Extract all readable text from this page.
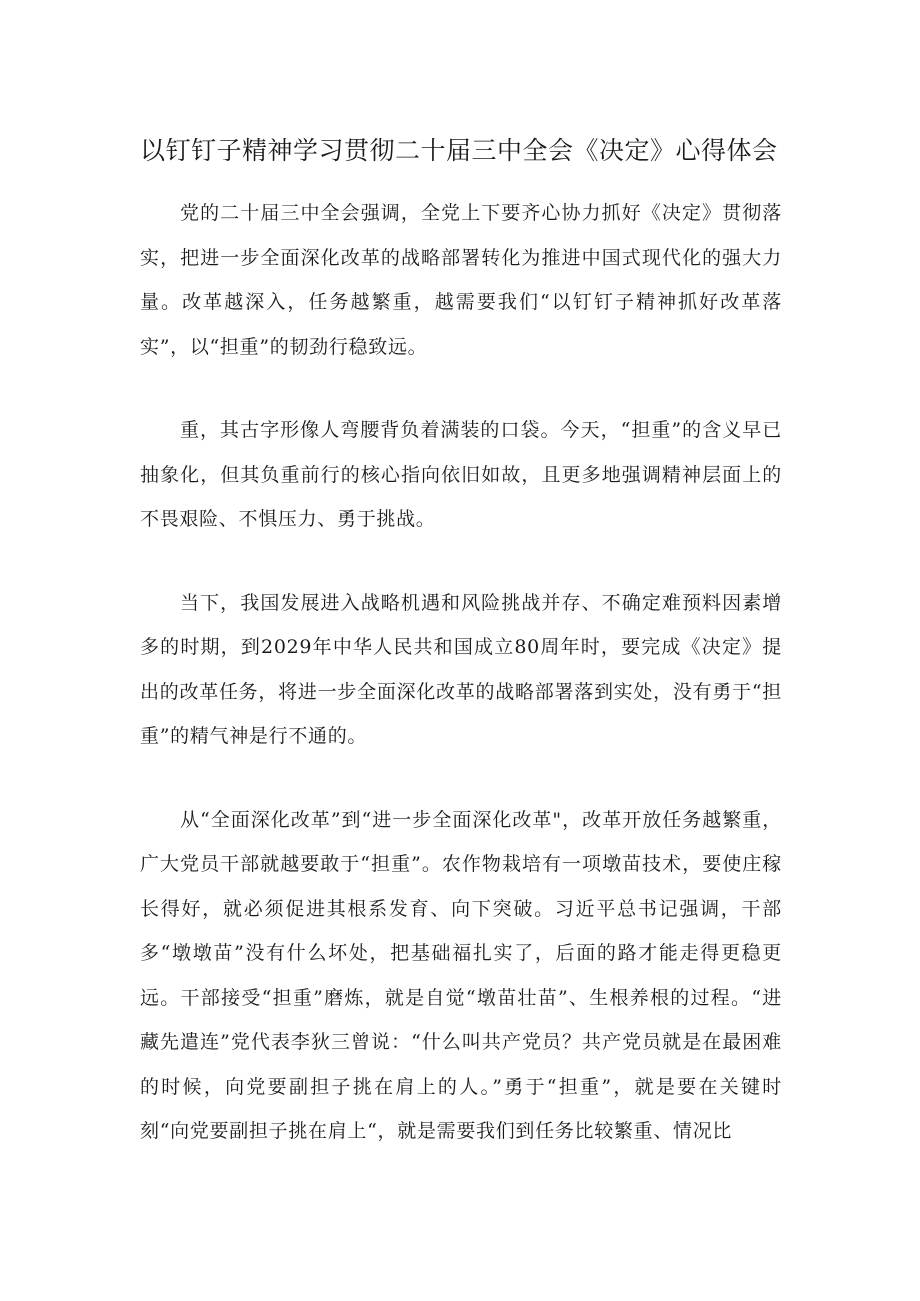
以钉钉子精神学习贯彻二十届三中全会《决定》心得体会

党的二十届三中全会强调，全党上下要齐心协力抓好《决定》贯彻落实，把进一步全面深化改革的战略部署转化为推进中国式现代化的强大力量。改革越深入，任务越繁重，越需要我们“以钉钉子精神抓好改革落实”，以“担重”的韧劲行稳致远。

重，其古字形像人弯腰背负着满装的口袋。今天，“担重”的含义早已抽象化，但其负重前行的核心指向依旧如故，且更多地强调精神层面上的不畏艰险、不惧压力、勇于挑战。

当下，我国发展进入战略机遇和风险挑战并存、不确定难预料因素增多的时期，到2029年中华人民共和国成立80周年时，要完成《决定》提出的改革任务，将进一步全面深化改革的战略部署落到实处，没有勇于“担重”的精气神是行不通的。

从“全面深化改革”到“进一步全面深化改革"，改革开放任务越繁重，广大党员干部就越要敢于“担重”。农作物栽培有一项墩苗技术，要使庄稼长得好，就必须促进其根系发育、向下突破。习近平总书记强调，干部多“墩墩苗”没有什么坏处，把基础福扎实了，后面的路才能走得更稳更远。干部接受“担重”磨炼，就是自觉“墩苗壮苗”、生根养根的过程。“进藏先遣连”党代表李狄三曾说：“什么叫共产党员？共产党员就是在最困难的时候，向党要副担子挑在肩上的人。”勇于“担重”，就是要在关键时刻“向党要副担子挑在肩上“，就是需要我们到任务比较繁重、情况比
